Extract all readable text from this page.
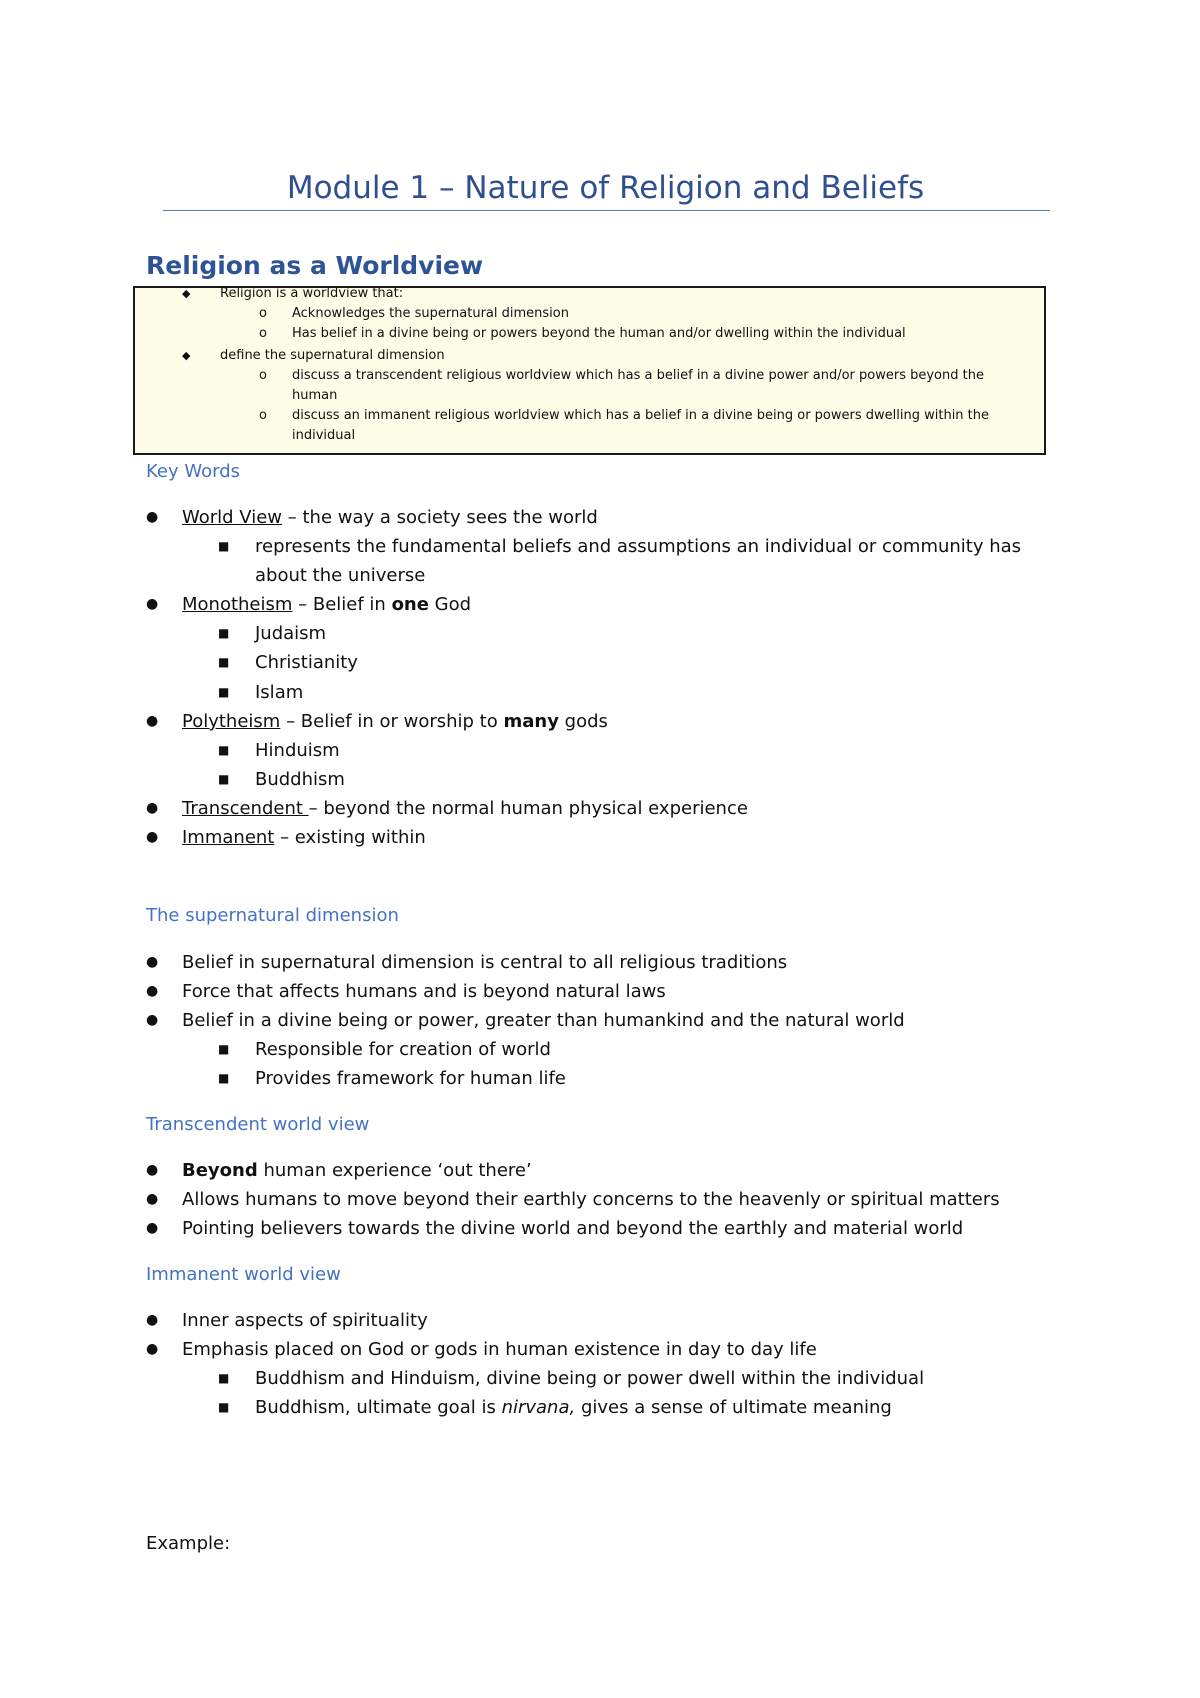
Module 1 – Nature of Religion and Beliefs
Religion as a Worldview
◆ Religion is a worldview that:
o Acknowledges the supernatural dimension
o Has belief in a divine being or powers beyond the human and/or dwelling within the individual
◆ define the supernatural dimension
o discuss a transcendent religious worldview which has a belief in a divine power and/or powers beyond the
human
o discuss an immanent religious worldview which has a belief in a divine being or powers dwelling within the
individual
Key Words
● World View – the way a society sees the world
■ represents the fundamental beliefs and assumptions an individual or community has
about the universe
● Monotheism – Belief in one God
■ Judaism
■ Christianity
■ Islam
● Polytheism – Belief in or worship to many gods
■ Hinduism
■ Buddhism
● Transcendent – beyond the normal human physical experience
● Immanent – existing within
The supernatural dimension
● Belief in supernatural dimension is central to all religious traditions
● Force that affects humans and is beyond natural laws
● Belief in a divine being or power, greater than humankind and the natural world
■ Responsible for creation of world
■ Provides framework for human life
Transcendent world view
● Beyond human experience ‘out there’
● Allows humans to move beyond their earthly concerns to the heavenly or spiritual matters
● Pointing believers towards the divine world and beyond the earthly and material world
Immanent world view
● Inner aspects of spirituality
● Emphasis placed on God or gods in human existence in day to day life
■ Buddhism and Hinduism, divine being or power dwell within the individual
■ Buddhism, ultimate goal is nirvana, gives a sense of ultimate meaning
Example:
